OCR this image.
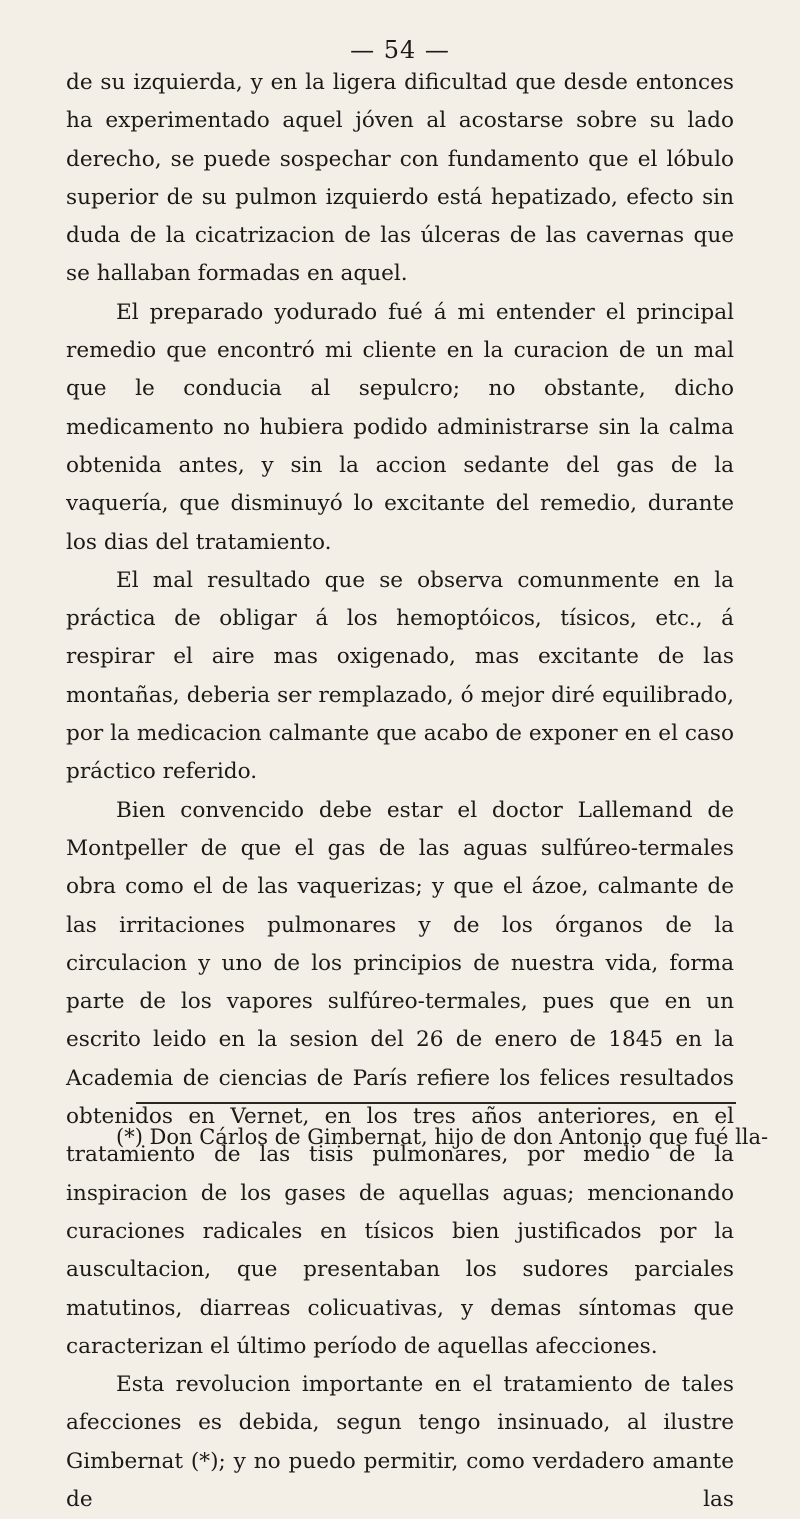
— 54 —

de su izquierda, y en la ligera dificultad que desde entonces ha experimentado aquel jóven al acostarse sobre su lado derecho, se puede sospechar con fundamento que el lóbulo superior de su pulmon izquierdo está hepatizado, efecto sin duda de la cicatrizacion de las úlceras de las cavernas que se hallaban formadas en aquel.

El preparado yodurado fué á mi entender el principal remedio que encontró mi cliente en la curacion de un mal que le conducia al sepulcro; no obstante, dicho medicamento no hubiera podido administrarse sin la calma obtenida antes, y sin la accion sedante del gas de la vaquería, que disminuyó lo excitante del remedio, durante los dias del tratamiento.

El mal resultado que se observa comunmente en la práctica de obligar á los hemoptóicos, tísicos, etc., á respirar el aire mas oxigenado, mas excitante de las montañas, deberia ser remplazado, ó mejor diré equilibrado, por la medicacion calmante que acabo de exponer en el caso práctico referido.

Bien convencido debe estar el doctor Lallemand de Montpeller de que el gas de las aguas sulfúreo-termales obra como el de las vaquerizas; y que el ázoe, calmante de las irritaciones pulmonares y de los órganos de la circulacion y uno de los principios de nuestra vida, forma parte de los vapores sulfúreo-termales, pues que en un escrito leido en la sesion del 26 de enero de 1845 en la Academia de ciencias de París refiere los felices resultados obtenidos en Vernet, en los tres años anteriores, en el tratamiento de las tisis pulmonares, por medio de la inspiracion de los gases de aquellas aguas; mencionando curaciones radicales en tísicos bien justificados por la auscultacion, que presentaban los sudores parciales matutinos, diarreas colicuativas, y demas síntomas que caracterizan el último período de aquellas afecciones.

Esta revolucion importante en el tratamiento de tales afecciones es debida, segun tengo insinuado, al ilustre Gimbernat (*); y no puedo permitir, como verdadero amante de las

(*) Don Cárlos de Gimbernat, hijo de don Antonio que fué lla-
